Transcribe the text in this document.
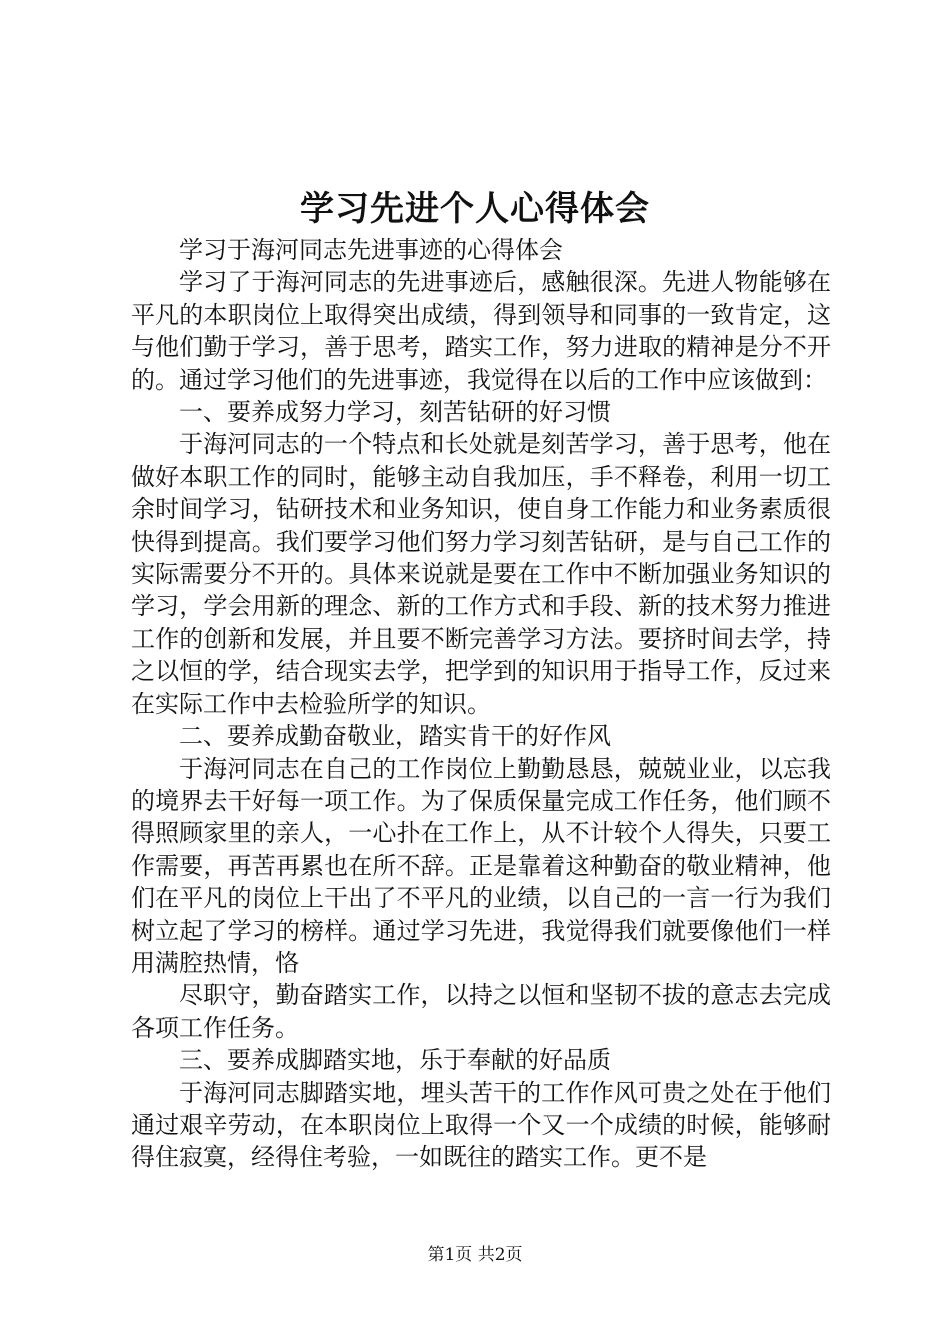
学习先进个人心得体会

学习于海河同志先进事迹的心得体会

学习了于海河同志的先进事迹后，感触很深。先进人物能够在平凡的本职岗位上取得突出成绩，得到领导和同事的一致肯定，这与他们勤于学习，善于思考，踏实工作，努力进取的精神是分不开的。通过学习他们的先进事迹，我觉得在以后的工作中应该做到：

一、要养成努力学习，刻苦钻研的好习惯

于海河同志的一个特点和长处就是刻苦学习，善于思考，他在做好本职工作的同时，能够主动自我加压，手不释卷，利用一切工余时间学习，钻研技术和业务知识，使自身工作能力和业务素质很快得到提高。我们要学习他们努力学习刻苦钻研，是与自己工作的实际需要分不开的。具体来说就是要在工作中不断加强业务知识的学习，学会用新的理念、新的工作方式和手段、新的技术努力推进工作的创新和发展，并且要不断完善学习方法。要挤时间去学，持之以恒的学，结合现实去学，把学到的知识用于指导工作，反过来在实际工作中去检验所学的知识。

二、要养成勤奋敬业，踏实肯干的好作风

于海河同志在自己的工作岗位上勤勤恳恳，兢兢业业，以忘我的境界去干好每一项工作。为了保质保量完成工作任务，他们顾不得照顾家里的亲人，一心扑在工作上，从不计较个人得失，只要工作需要，再苦再累也在所不辞。正是靠着这种勤奋的敬业精神，他们在平凡的岗位上干出了不平凡的业绩，以自己的一言一行为我们树立起了学习的榜样。通过学习先进，我觉得我们就要像他们一样用满腔热情，恪

尽职守，勤奋踏实工作，以持之以恒和坚韧不拔的意志去完成各项工作任务。

三、要养成脚踏实地，乐于奉献的好品质

于海河同志脚踏实地，埋头苦干的工作作风可贵之处在于他们通过艰辛劳动，在本职岗位上取得一个又一个成绩的时候，能够耐得住寂寞，经得住考验，一如既往的踏实工作。更不是

第1页 共2页
